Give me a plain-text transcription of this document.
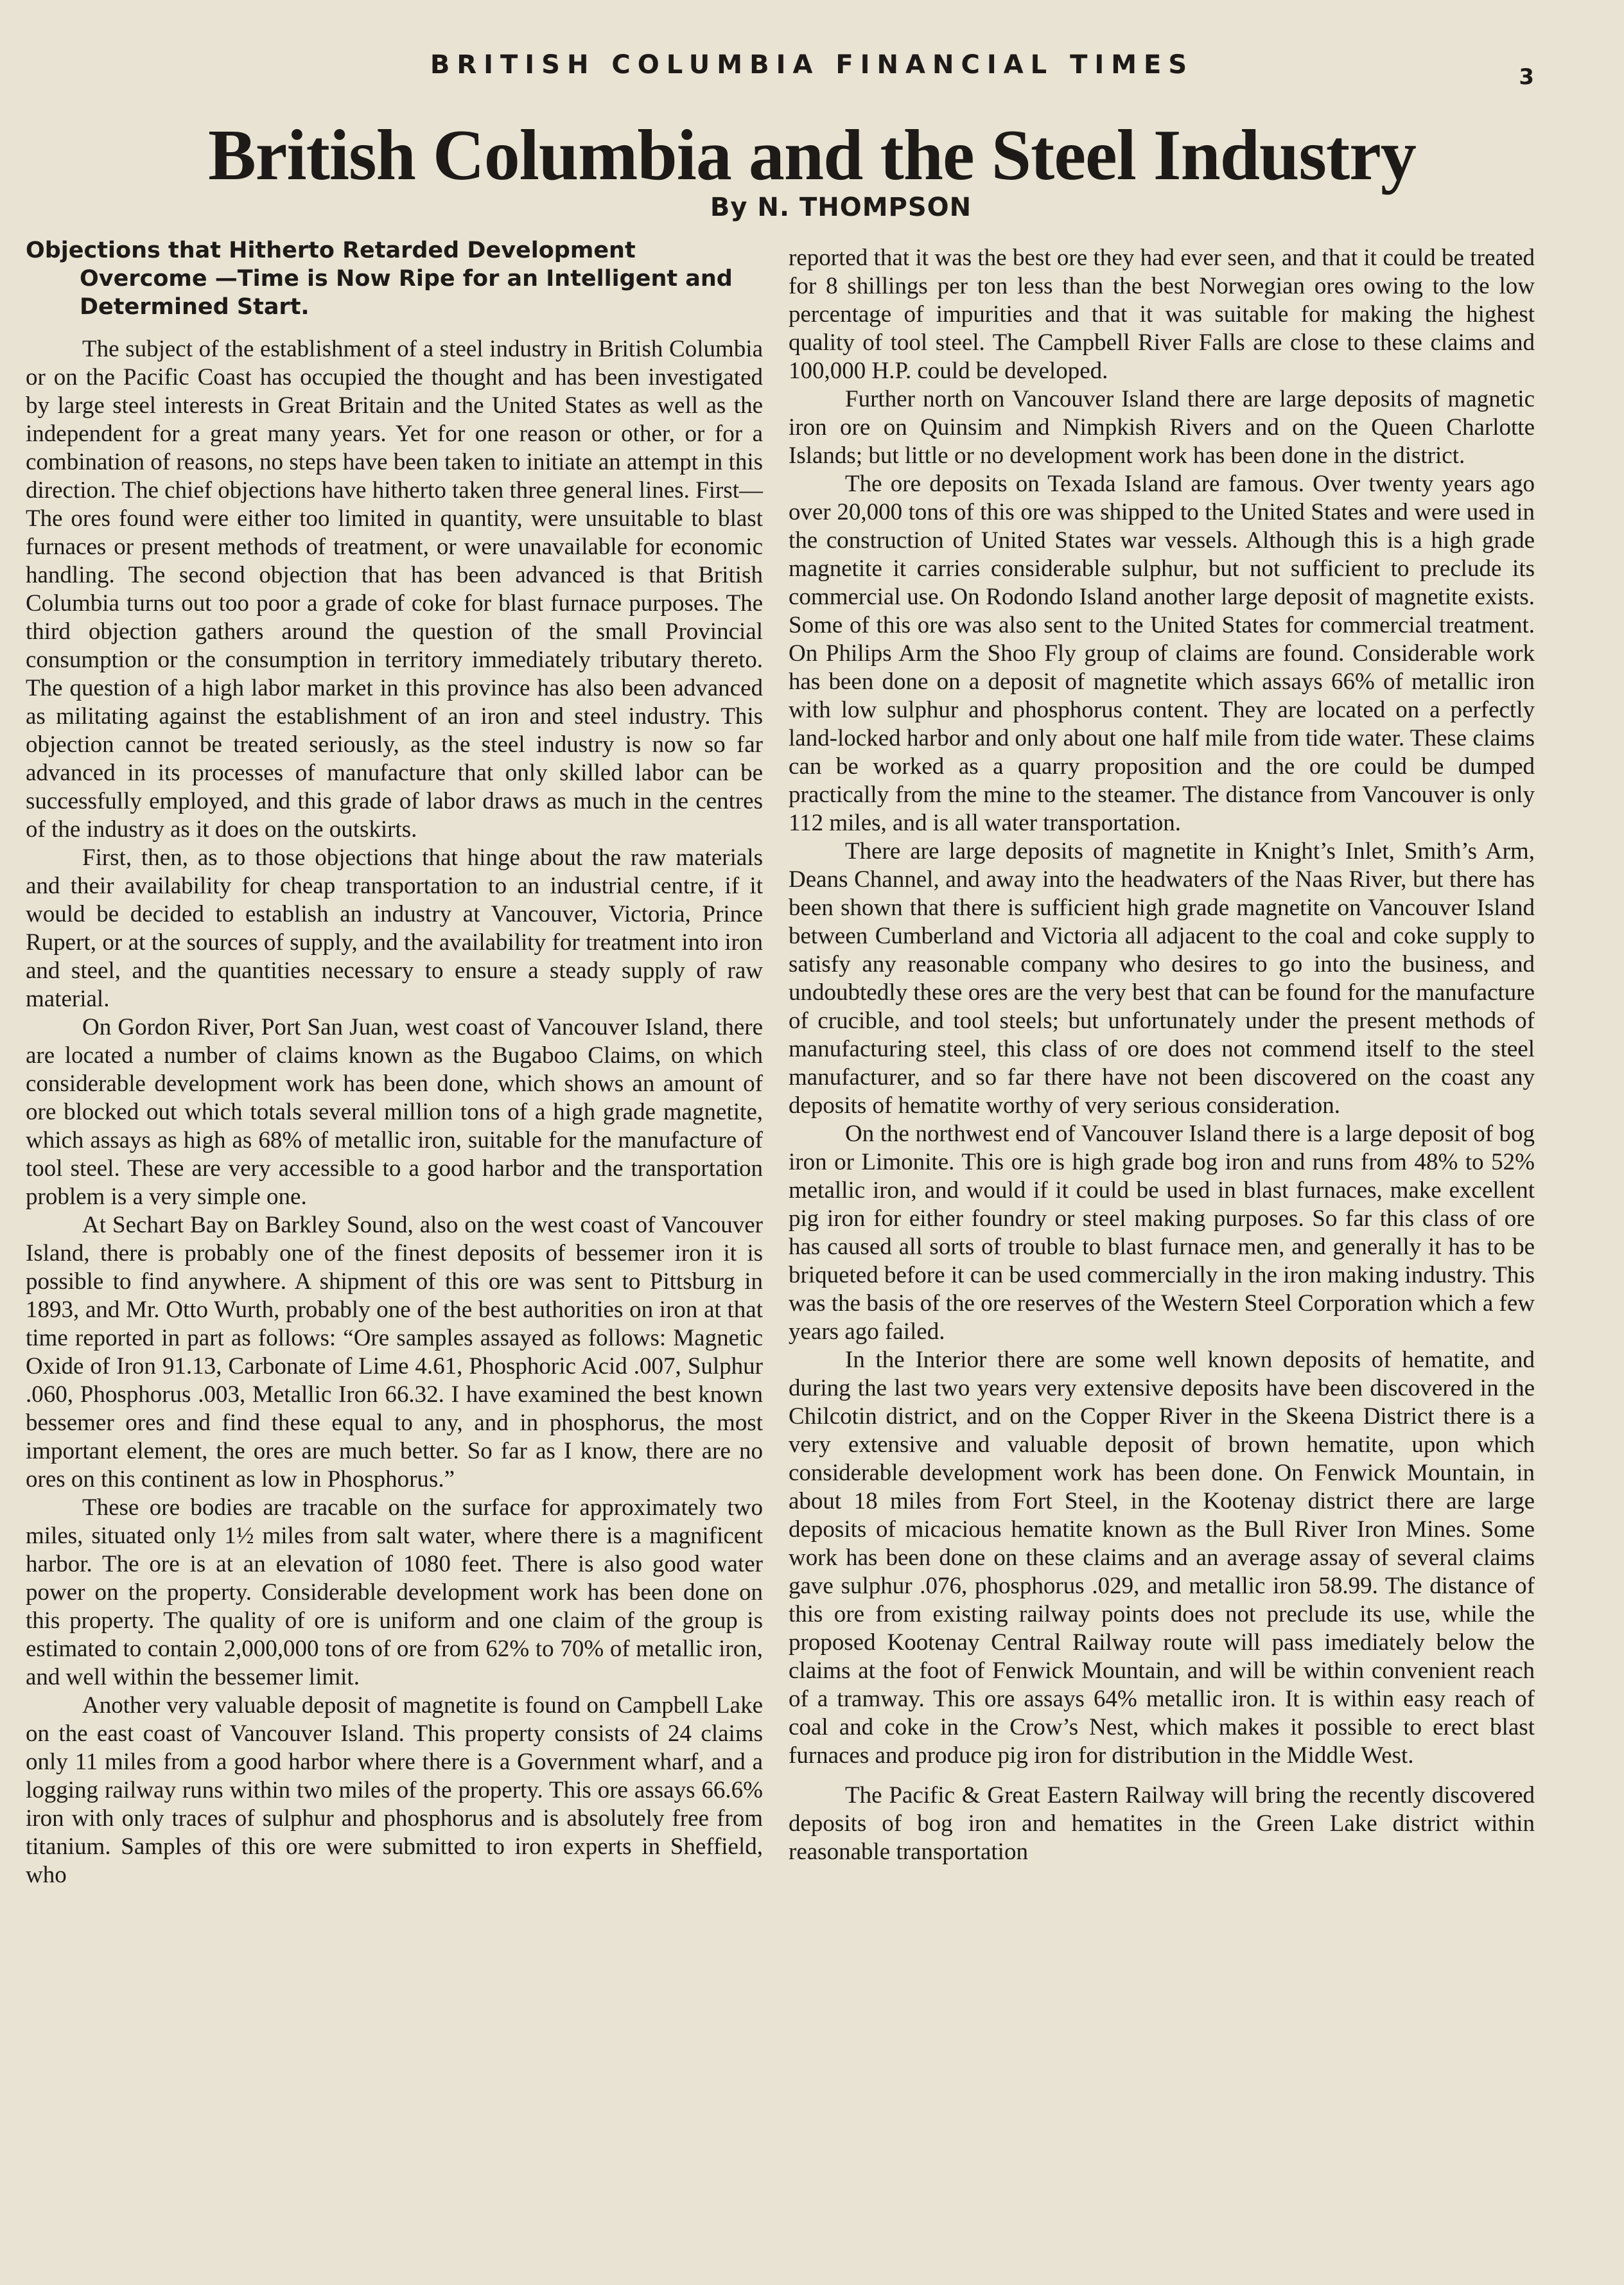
BRITISH COLUMBIA FINANCIAL TIMES	3
British Columbia and the Steel Industry
By N. THOMPSON
Objections that Hitherto Retarded Development Overcome —Time is Now Ripe for an Intelligent and Determined Start.

The subject of the establishment of a steel industry in British Columbia or on the Pacific Coast has occupied the thought and has been investigated by large steel interests in Great Britain and the United States as well as the independent for a great many years. Yet for one reason or other, or for a combination of reasons, no steps have been taken to initiate an attempt in this direction. The chief objections have hitherto taken three general lines. First—The ores found were either too limited in quantity, were unsuitable to blast furnaces or present methods of treatment, or were unavailable for economic handling. The second objection that has been advanced is that British Columbia turns out too poor a grade of coke for blast furnace purposes. The third objection gathers around the question of the small Provincial consumption or the consumption in territory immediately tributary thereto. The question of a high labor market in this province has also been advanced as militating against the establishment of an iron and steel industry. This objection cannot be treated seriously, as the steel industry is now so far advanced in its processes of manufacture that only skilled labor can be successfully employed, and this grade of labor draws as much in the centres of the industry as it does on the outskirts.

First, then, as to those objections that hinge about the raw materials and their availability for cheap transportation to an industrial centre, if it would be decided to establish an industry at Vancouver, Victoria, Prince Rupert, or at the sources of supply, and the availability for treatment into iron and steel, and the quantities necessary to ensure a steady supply of raw material.

On Gordon River, Port San Juan, west coast of Vancouver Island, there are located a number of claims known as the Bugaboo Claims, on which considerable development work has been done, which shows an amount of ore blocked out which totals several million tons of a high grade magnetite, which assays as high as 68% of metallic iron, suitable for the manufacture of tool steel. These are very accessible to a good harbor and the transportation problem is a very simple one.

At Sechart Bay on Barkley Sound, also on the west coast of Vancouver Island, there is probably one of the finest deposits of bessemer iron it is possible to find anywhere. A shipment of this ore was sent to Pittsburg in 1893, and Mr. Otto Wurth, probably one of the best authorities on iron at that time reported in part as follows: “Ore samples assayed as follows: Magnetic Oxide of Iron 91.13, Carbonate of Lime 4.61, Phosphoric Acid .007, Sulphur .060, Phosphorus .003, Metallic Iron 66.32. I have examined the best known bessemer ores and find these equal to any, and in phosphorus, the most important element, the ores are much better. So far as I know, there are no ores on this continent as low in Phosphorus.”

These ore bodies are tracable on the surface for approximately two miles, situated only 1½ miles from salt water, where there is a magnificent harbor. The ore is at an elevation of 1080 feet. There is also good water power on the property. Considerable development work has been done on this property. The quality of ore is uniform and one claim of the group is estimated to contain 2,000,000 tons of ore from 62% to 70% of metallic iron, and well within the bessemer limit.

Another very valuable deposit of magnetite is found on Campbell Lake on the east coast of Vancouver Island. This property consists of 24 claims only 11 miles from a good harbor where there is a Government wharf, and a logging railway runs within two miles of the property. This ore assays 66.6% iron with only traces of sulphur and phosphorus and is absolutely free from titanium. Samples of this ore were submitted to iron experts in Sheffield, who

reported that it was the best ore they had ever seen, and that it could be treated for 8 shillings per ton less than the best Norwegian ores owing to the low percentage of impurities and that it was suitable for making the highest quality of tool steel. The Campbell River Falls are close to these claims and 100,000 H.P. could be developed.

Further north on Vancouver Island there are large deposits of magnetic iron ore on Quinsim and Nimpkish Rivers and on the Queen Charlotte Islands; but little or no development work has been done in the district.

The ore deposits on Texada Island are famous. Over twenty years ago over 20,000 tons of this ore was shipped to the United States and were used in the construction of United States war vessels. Although this is a high grade magnetite it carries considerable sulphur, but not sufficient to preclude its commercial use. On Rodondo Island another large deposit of magnetite exists. Some of this ore was also sent to the United States for commercial treatment. On Philips Arm the Shoo Fly group of claims are found. Considerable work has been done on a deposit of magnetite which assays 66% of metallic iron with low sulphur and phosphorus content. They are located on a perfectly land-locked harbor and only about one half mile from tide water. These claims can be worked as a quarry proposition and the ore could be dumped practically from the mine to the steamer. The distance from Vancouver is only 112 miles, and is all water transportation.

There are large deposits of magnetite in Knight’s Inlet, Smith’s Arm, Deans Channel, and away into the headwaters of the Naas River, but there has been shown that there is sufficient high grade magnetite on Vancouver Island between Cumberland and Victoria all adjacent to the coal and coke supply to satisfy any reasonable company who desires to go into the business, and undoubtedly these ores are the very best that can be found for the manufacture of crucible, and tool steels; but unfortunately under the present methods of manufacturing steel, this class of ore does not commend itself to the steel manufacturer, and so far there have not been discovered on the coast any deposits of hematite worthy of very serious consideration.

On the northwest end of Vancouver Island there is a large deposit of bog iron or Limonite. This ore is high grade bog iron and runs from 48% to 52% metallic iron, and would if it could be used in blast furnaces, make excellent pig iron for either foundry or steel making purposes. So far this class of ore has caused all sorts of trouble to blast furnace men, and generally it has to be briqueted before it can be used commercially in the iron making industry. This was the basis of the ore reserves of the Western Steel Corporation which a few years ago failed.

In the Interior there are some well known deposits of hematite, and during the last two years very extensive deposits have been discovered in the Chilcotin district, and on the Copper River in the Skeena District there is a very extensive and valuable deposit of brown hematite, upon which considerable development work has been done. On Fenwick Mountain, in about 18 miles from Fort Steel, in the Kootenay district there are large deposits of micacious hematite known as the Bull River Iron Mines. Some work has been done on these claims and an average assay of several claims gave sulphur .076, phosphorus .029, and metallic iron 58.99. The distance of this ore from existing railway points does not preclude its use, while the proposed Kootenay Central Railway route will pass imediately below the claims at the foot of Fenwick Mountain, and will be within convenient reach of a tramway. This ore assays 64% metallic iron. It is within easy reach of coal and coke in the Crow’s Nest, which makes it possible to erect blast furnaces and produce pig iron for distribution in the Middle West.

The Pacific & Great Eastern Railway will bring the recently discovered deposits of bog iron and hematites in the Green Lake district within reasonable transportation
